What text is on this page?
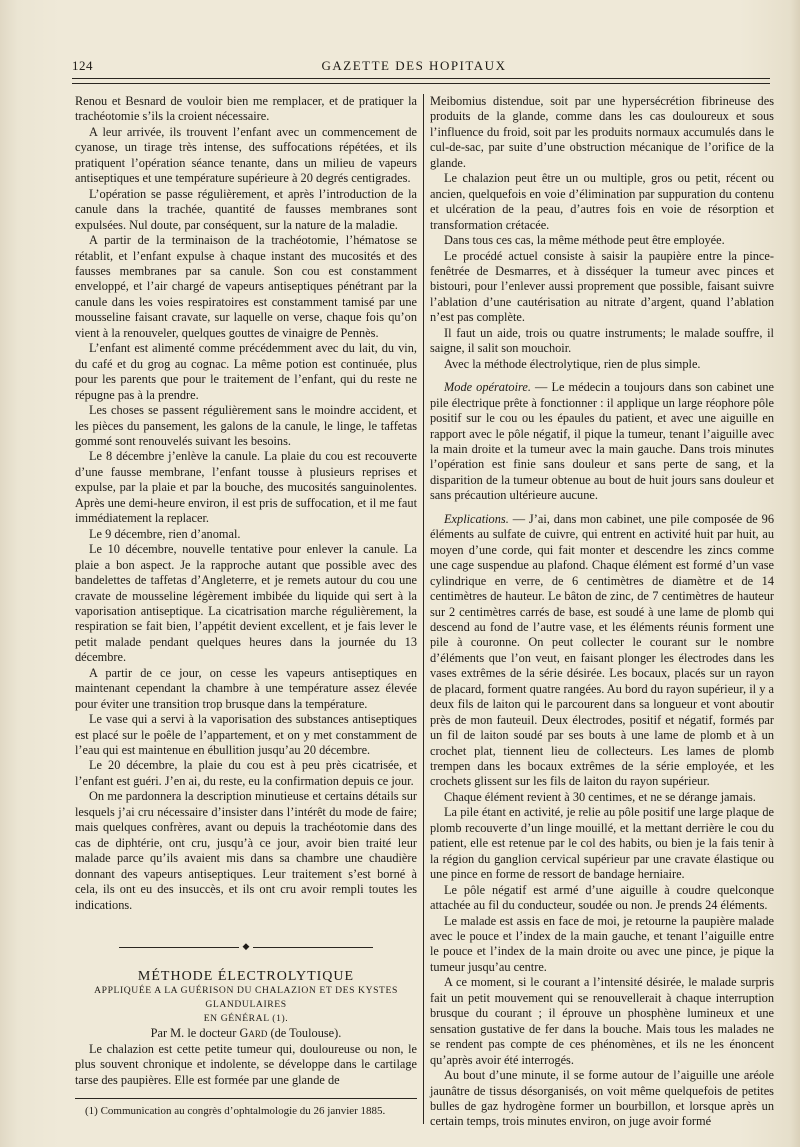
124	GAZETTE DES HOPITAUX

Renou et Besnard de vouloir bien me remplacer, et de pratiquer la trachéotomie s’ils la croient nécessaire.

A leur arrivée, ils trouvent l’enfant avec un commencement de cyanose, un tirage très intense, des suffocations répétées, et ils pratiquent l’opération séance tenante, dans un milieu de vapeurs antiseptiques et une température supérieure à 20 degrés centigrades.

L’opération se passe régulièrement, et après l’introduction de la canule dans la trachée, quantité de fausses membranes sont expulsées. Nul doute, par conséquent, sur la nature de la maladie.

A partir de la terminaison de la trachéotomie, l’hématose se rétablit, et l’enfant expulse à chaque instant des mucosités et des fausses membranes par sa canule. Son cou est constamment enveloppé, et l’air chargé de vapeurs antiseptiques pénétrant par la canule dans les voies respiratoires est constamment tamisé par une mousseline faisant cravate, sur laquelle on verse, chaque fois qu’on vient à la renouveler, quelques gouttes de vinaigre de Pennès.

L’enfant est alimenté comme précédemment avec du lait, du vin, du café et du grog au cognac. La même potion est continuée, plus pour les parents que pour le traitement de l’enfant, qui du reste ne répugne pas à la prendre.

Les choses se passent régulièrement sans le moindre accident, et les pièces du pansement, les galons de la canule, le linge, le taffetas gommé sont renouvelés suivant les besoins.

Le 8 décembre j’enlève la canule. La plaie du cou est recouverte d’une fausse membrane, l’enfant tousse à plusieurs reprises et expulse, par la plaie et par la bouche, des mucosités sanguinolentes. Après une demi-heure environ, il est pris de suffocation, et il me faut immédiatement la replacer.

Le 9 décembre, rien d’anomal.

Le 10 décembre, nouvelle tentative pour enlever la canule. La plaie a bon aspect. Je la rapproche autant que possible avec des bandelettes de taffetas d’Angleterre, et je remets autour du cou une cravate de mousseline légèrement imbibée du liquide qui sert à la vaporisation antiseptique. La cicatrisation marche régulièrement, la respiration se fait bien, l’appétit devient excellent, et je fais lever le petit malade pendant quelques heures dans la journée du 13 décembre.

A partir de ce jour, on cesse les vapeurs antiseptiques en maintenant cependant la chambre à une température assez élevée pour éviter une transition trop brusque dans la température.

Le vase qui a servi à la vaporisation des substances antiseptiques est placé sur le poêle de l’appartement, et on y met constamment de l’eau qui est maintenue en ébullition jusqu’au 20 décembre.

Le 20 décembre, la plaie du cou est à peu près cicatrisée, et l’enfant est guéri. J’en ai, du reste, eu la confirmation depuis ce jour.

On me pardonnera la description minutieuse et certains détails sur lesquels j’ai cru nécessaire d’insister dans l’intérêt du mode de faire; mais quelques confrères, avant ou depuis la trachéotomie dans des cas de diphtérie, ont cru, jusqu’à ce jour, avoir bien traité leur malade parce qu’ils avaient mis dans sa chambre une chaudière donnant des vapeurs antiseptiques. Leur traitement s’est borné à cela, ils ont eu des insuccès, et ils ont cru avoir rempli toutes les indications.

◆

MÉTHODE ÉLECTROLYTIQUE

APPLIQUÉE A LA GUÉRISON DU CHALAZION ET DES KYSTES GLANDULAIRES

EN GÉNÉRAL (1).

Par M. le docteur Gard (de Toulouse).

Le chalazion est cette petite tumeur qui, douloureuse ou non, le plus souvent chronique et indolente, se développe dans le cartilage tarse des paupières. Elle est formée par une glande de

(1) Communication au congrès d’ophtalmologie du 26 janvier 1885.

Meibomius distendue, soit par une hypersécrétion fibrineuse des produits de la glande, comme dans les cas douloureux et sous l’influence du froid, soit par les produits normaux accumulés dans le cul-de-sac, par suite d’une obstruction mécanique de l’orifice de la glande.

Le chalazion peut être un ou multiple, gros ou petit, récent ou ancien, quelquefois en voie d’élimination par suppuration du contenu et ulcération de la peau, d’autres fois en voie de résorption et transformation crétacée.

Dans tous ces cas, la même méthode peut être employée.

Le procédé actuel consiste à saisir la paupière entre la pince-fenêtrée de Desmarres, et à disséquer la tumeur avec pinces et bistouri, pour l’enlever aussi proprement que possible, faisant suivre l’ablation d’une cautérisation au nitrate d’argent, quand l’ablation n’est pas complète.

Il faut un aide, trois ou quatre instruments; le malade souffre, il saigne, il salit son mouchoir.

Avec la méthode électrolytique, rien de plus simple.

Mode opératoire. — Le médecin a toujours dans son cabinet une pile électrique prête à fonctionner : il applique un large réophore pôle positif sur le cou ou les épaules du patient, et avec une aiguille en rapport avec le pôle négatif, il pique la tumeur, tenant l’aiguille avec la main droite et la tumeur avec la main gauche. Dans trois minutes l’opération est finie sans douleur et sans perte de sang, et la disparition de la tumeur obtenue au bout de huit jours sans douleur et sans précaution ultérieure aucune.

Explications. — J’ai, dans mon cabinet, une pile composée de 96 éléments au sulfate de cuivre, qui entrent en activité huit par huit, au moyen d’une corde, qui fait monter et descendre les zincs comme une cage suspendue au plafond. Chaque élément est formé d’un vase cylindrique en verre, de 6 centimètres de diamètre et de 14 centimètres de hauteur. Le bâton de zinc, de 7 centimètres de hauteur sur 2 centimètres carrés de base, est soudé à une lame de plomb qui descend au fond de l’autre vase, et les éléments réunis forment une pile à couronne. On peut collecter le courant sur le nombre d’éléments que l’on veut, en faisant plonger les électrodes dans les vases extrêmes de la série désirée. Les bocaux, placés sur un rayon de placard, forment quatre rangées. Au bord du rayon supérieur, il y a deux fils de laiton qui le parcourent dans sa longueur et vont aboutir près de mon fauteuil. Deux électrodes, positif et négatif, formés par un fil de laiton soudé par ses bouts à une lame de plomb et à un crochet plat, tiennent lieu de collecteurs. Les lames de plomb trempen dans les bocaux extrêmes de la série employée, et les crochets glissent sur les fils de laiton du rayon supérieur.

Chaque élément revient à 30 centimes, et ne se dérange jamais.

La pile étant en activité, je relie au pôle positif une large plaque de plomb recouverte d’un linge mouillé, et la mettant derrière le cou du patient, elle est retenue par le col des habits, ou bien je la fais tenir à la région du ganglion cervical supérieur par une cravate élastique ou une pince en forme de ressort de bandage herniaire.

Le pôle négatif est armé d’une aiguille à coudre quelconque attachée au fil du conducteur, soudée ou non. Je prends 24 éléments.

Le malade est assis en face de moi, je retourne la paupière malade avec le pouce et l’index de la main gauche, et tenant l’aiguille entre le pouce et l’index de la main droite ou avec une pince, je pique la tumeur jusqu’au centre.

A ce moment, si le courant a l’intensité désirée, le malade surpris fait un petit mouvement qui se renouvellerait à chaque interruption brusque du courant ; il éprouve un phosphène lumineux et une sensation gustative de fer dans la bouche. Mais tous les malades ne se rendent pas compte de ces phénomènes, et ils ne les énoncent qu’après avoir été interrogés.

Au bout d’une minute, il se forme autour de l’aiguille une aréole jaunâtre de tissus désorganisés, on voit même quelquefois de petites bulles de gaz hydrogène former un bourbillon, et lorsque après un certain temps, trois minutes environ, on juge avoir formé
